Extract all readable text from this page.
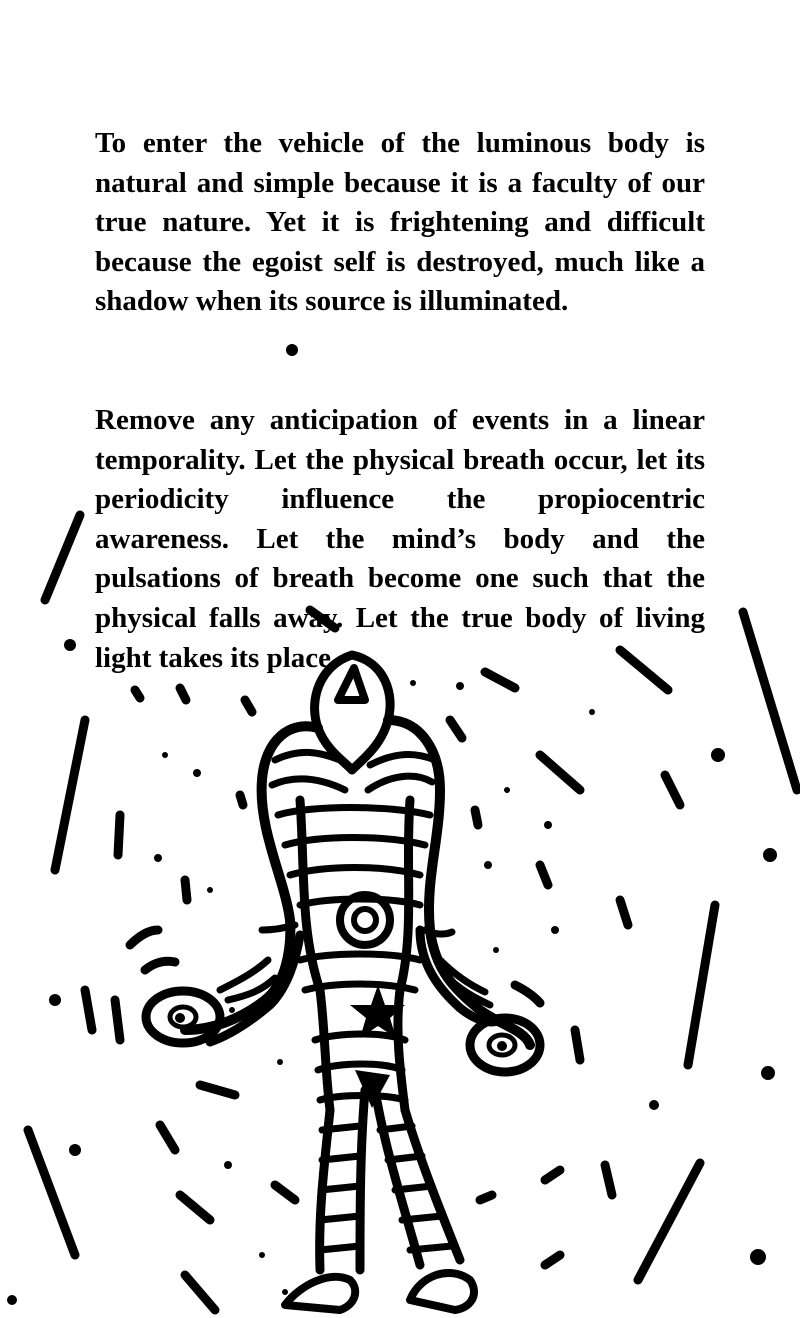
To enter the vehicle of the luminous body is natural and simple because it is a faculty of our true nature. Yet it is frightening and difficult because the egoist self is destroyed, much like a shadow when its source is illuminated.

Remove any anticipation of events in a linear temporality. Let the physical breath occur, let its periodicity influence the propiocentric awareness. Let the mind’s body and the pulsations of breath become one such that the physical falls away. Let the true body of living light takes its place.
